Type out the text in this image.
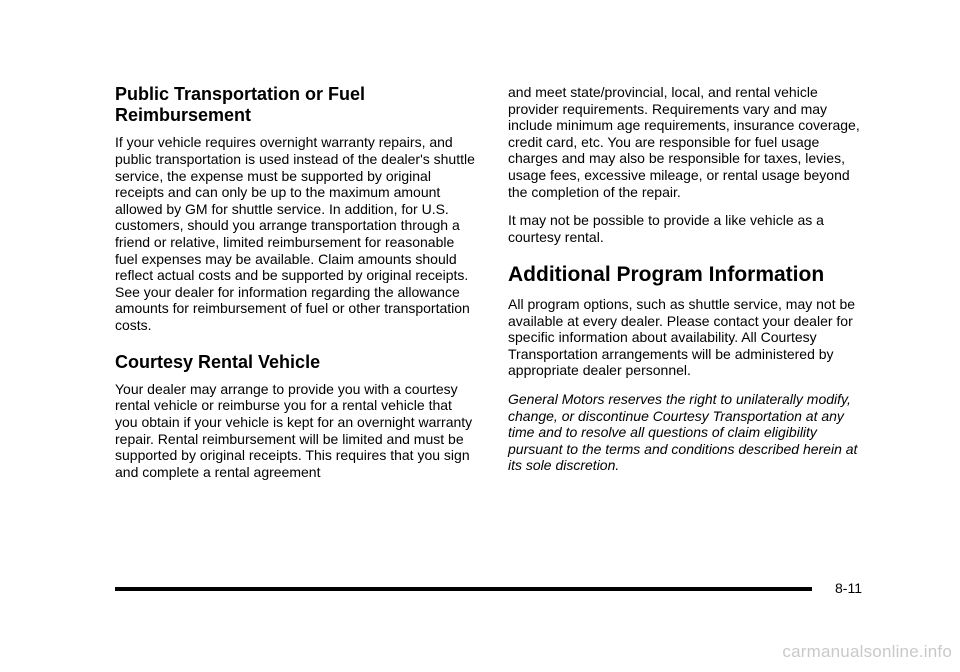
Public Transportation or Fuel Reimbursement

If your vehicle requires overnight warranty repairs, and public transportation is used instead of the dealer's shuttle service, the expense must be supported by original receipts and can only be up to the maximum amount allowed by GM for shuttle service. In addition, for U.S. customers, should you arrange transportation through a friend or relative, limited reimbursement for reasonable fuel expenses may be available. Claim amounts should reflect actual costs and be supported by original receipts. See your dealer for information regarding the allowance amounts for reimbursement of fuel or other transportation costs.

Courtesy Rental Vehicle

Your dealer may arrange to provide you with a courtesy rental vehicle or reimburse you for a rental vehicle that you obtain if your vehicle is kept for an overnight warranty repair. Rental reimbursement will be limited and must be supported by original receipts. This requires that you sign and complete a rental agreement

and meet state/provincial, local, and rental vehicle provider requirements. Requirements vary and may include minimum age requirements, insurance coverage, credit card, etc. You are responsible for fuel usage charges and may also be responsible for taxes, levies, usage fees, excessive mileage, or rental usage beyond the completion of the repair.

It may not be possible to provide a like vehicle as a courtesy rental.

Additional Program Information

All program options, such as shuttle service, may not be available at every dealer. Please contact your dealer for specific information about availability. All Courtesy Transportation arrangements will be administered by appropriate dealer personnel.

General Motors reserves the right to unilaterally modify, change, or discontinue Courtesy Transportation at any time and to resolve all questions of claim eligibility pursuant to the terms and conditions described herein at its sole discretion.

8-11
carmanualsonline.info
